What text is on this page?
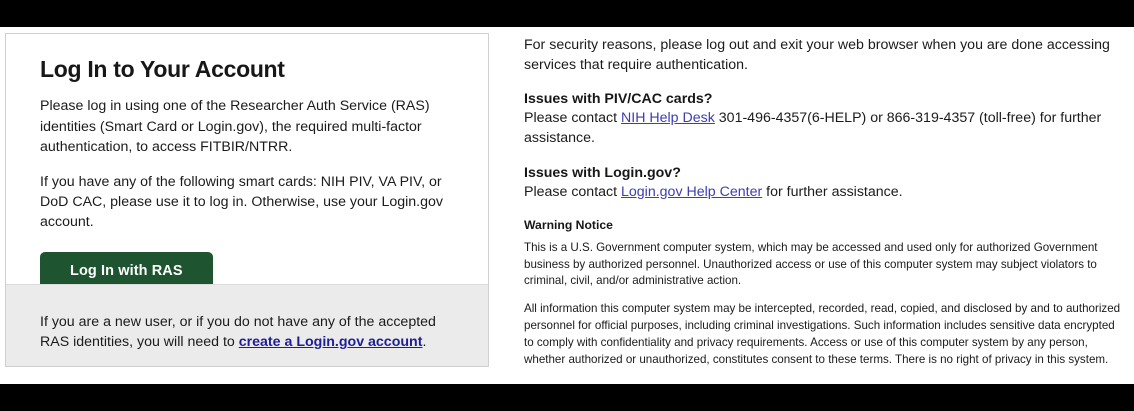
Log In to Your Account

Please log in using one of the Researcher Auth Service (RAS) identities (Smart Card or Login.gov), the required multi-factor authentication, to access FITBIR/NTRR.

If you have any of the following smart cards: NIH PIV, VA PIV, or DoD CAC, please use it to log in. Otherwise, use your Login.gov account.

Log In with RAS

If you are a new user, or if you do not have any of the accepted RAS identities, you will need to create a Login.gov account.

For security reasons, please log out and exit your web browser when you are done accessing services that require authentication.

Issues with PIV/CAC cards?

Please contact NIH Help Desk 301-496-4357(6-HELP) or 866-319-4357 (toll-free) for further assistance.

Issues with Login.gov?

Please contact Login.gov Help Center for further assistance.

Warning Notice

This is a U.S. Government computer system, which may be accessed and used only for authorized Government business by authorized personnel. Unauthorized access or use of this computer system may subject violators to criminal, civil, and/or administrative action.

All information this computer system may be intercepted, recorded, read, copied, and disclosed by and to authorized personnel for official purposes, including criminal investigations. Such information includes sensitive data encrypted to comply with confidentiality and privacy requirements. Access or use of this computer system by any person, whether authorized or unauthorized, constitutes consent to these terms. There is no right of privacy in this system.
